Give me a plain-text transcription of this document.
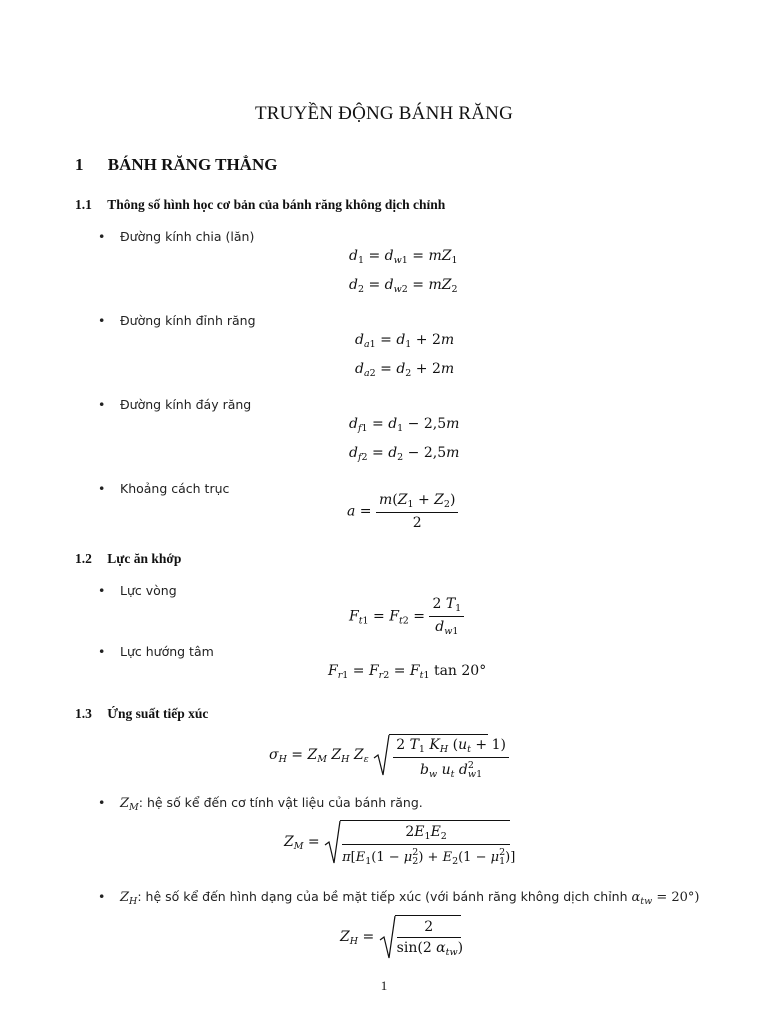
TRUYỀN ĐỘNG BÁNH RĂNG
1 BÁNH RĂNG THẲNG
1.1 Thông số hình học cơ bản của bánh răng không dịch chỉnh
• Đường kính chia (lăn)
$d_1 = d_{w1} = mZ_1$
$d_2 = d_{w2} = mZ_2$
• Đường kính đỉnh răng
$d_{a1} = d_1 + 2m$
$d_{a2} = d_2 + 2m$
• Đường kính đáy răng
$d_{f1} = d_1 - 2,5m$
$d_{f2} = d_2 - 2,5m$
• Khoảng cách trục
$a = \frac{m(Z_1 + Z_2)}{2}$
1.2 Lực ăn khớp
• Lực vòng
$F_{t1} = F_{t2} = \frac{2 T_1}{d_{w1}}$
• Lực hướng tâm
$F_{r1} = F_{r2} = F_{t1}$ tan 20°
1.3 Ứng suất tiếp xúc
$\sigma_H = Z_M$ $Z_H$ $Z_\varepsilon \frac{2 T_1 K_H (u_t + 1)}{b_w u_t d^2_{w1}}$
• $Z_M$: hệ số kể đến cơ tính vật liệu của bánh răng.
$Z_M = \frac{2E_1E_2}{\pi[E_1(1 - \mu^2_2) + E_2(1 - \mu^2_1)]}$
• $Z_H$: hệ số kể đến hình dạng của bề mặt tiếp xúc (với bánh răng không dịch chỉnh $\alpha_{tw} = 20^\circ$)
$Z_H$ =
2
sin(2 $\alpha_{tw}$)
1
